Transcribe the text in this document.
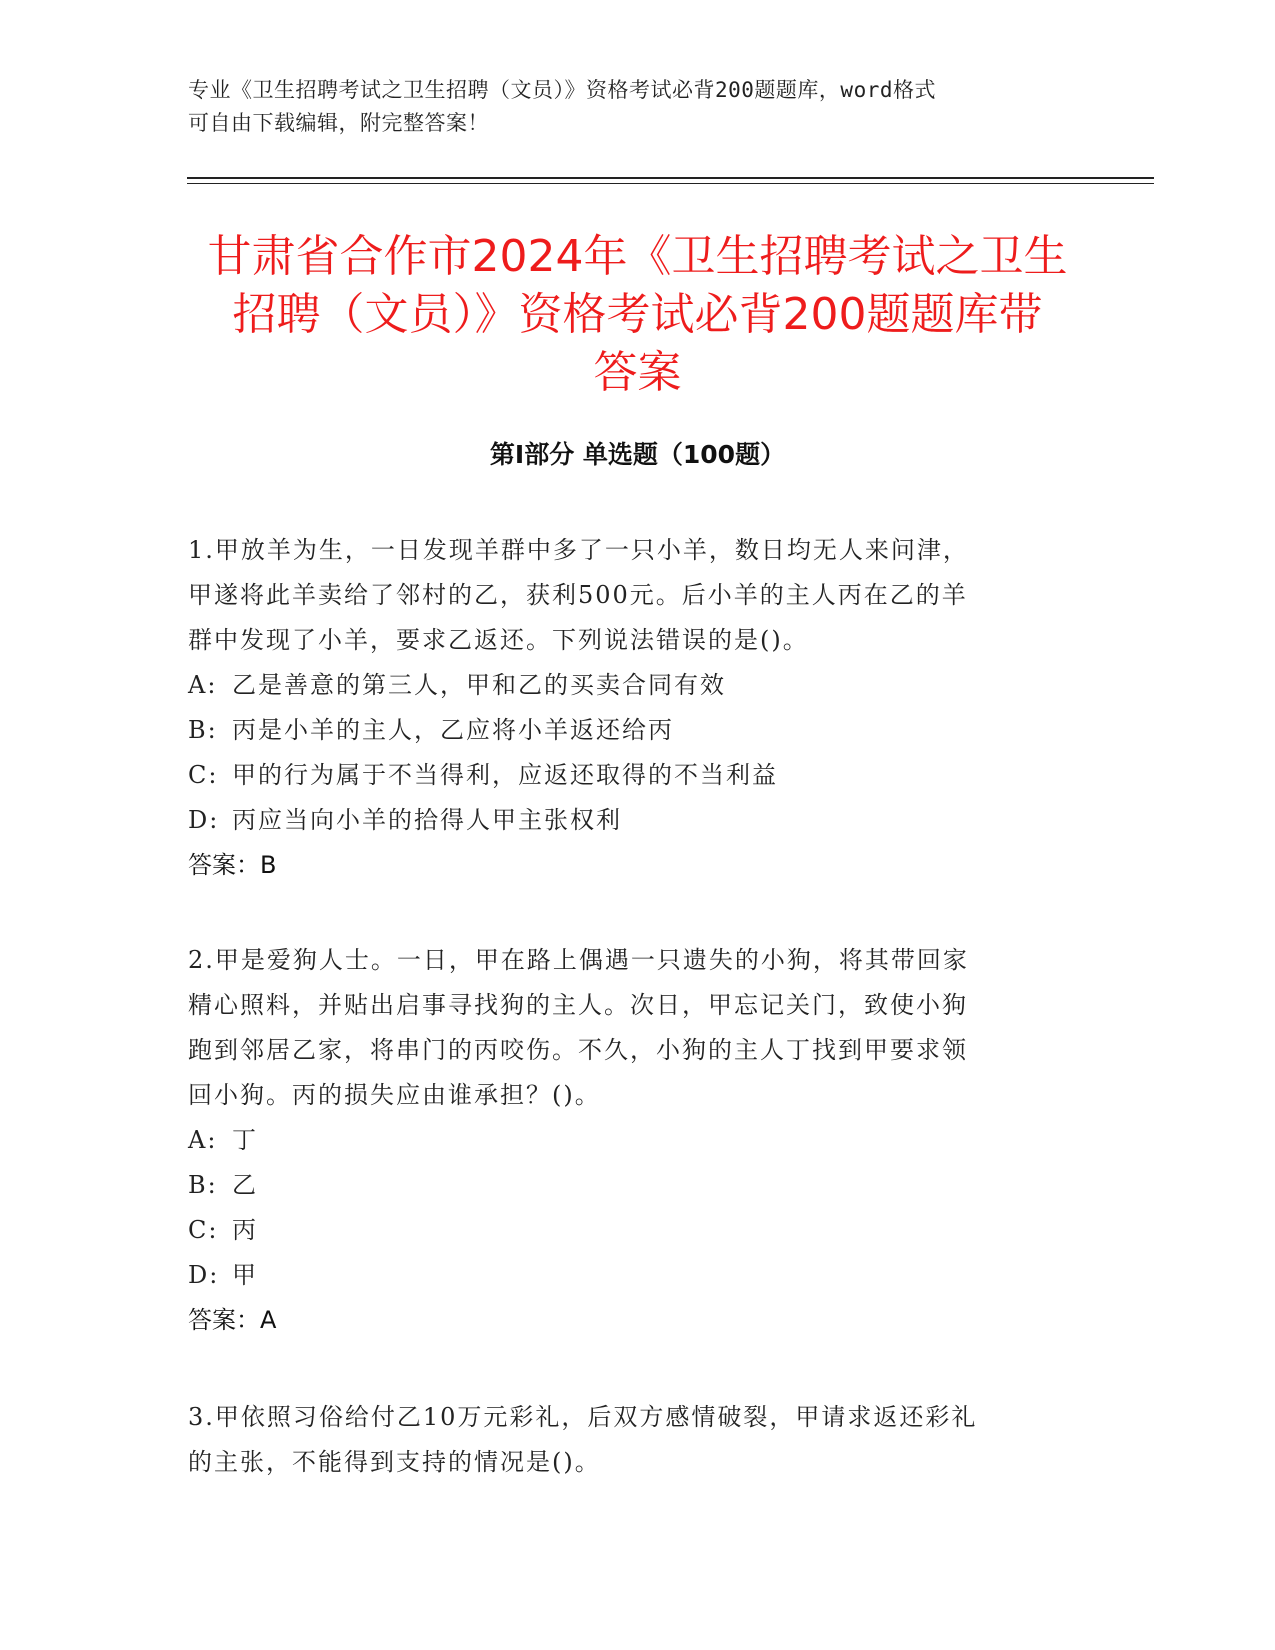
专业《卫生招聘考试之卫生招聘（文员）》资格考试必背200题题库，word格式
可自由下载编辑，附完整答案！
甘肃省合作市2024年《卫生招聘考试之卫生
招聘（文员）》资格考试必背200题题库带
答案
第Ⅰ部分 单选题（100题）

1.甲放羊为生，一日发现羊群中多了一只小羊，数日均无人来问津，
甲遂将此羊卖给了邻村的乙，获利500元。后小羊的主人丙在乙的羊
群中发现了小羊，要求乙返还。下列说法错误的是()。

A: 乙是善意的第三人，甲和乙的买卖合同有效

B: 丙是小羊的主人，乙应将小羊返还给丙

C: 甲的行为属于不当得利，应返还取得的不当利益

D: 丙应当向小羊的拾得人甲主张权利

答案：B

2.甲是爱狗人士。一日，甲在路上偶遇一只遗失的小狗，将其带回家
精心照料，并贴出启事寻找狗的主人。次日，甲忘记关门，致使小狗
跑到邻居乙家，将串门的丙咬伤。不久，小狗的主人丁找到甲要求领
回小狗。丙的损失应由谁承担？()。

A: 丁

B: 乙

C: 丙

D: 甲

答案：A

3.甲依照习俗给付乙10万元彩礼，后双方感情破裂，甲请求返还彩礼
的主张，不能得到支持的情况是()。
